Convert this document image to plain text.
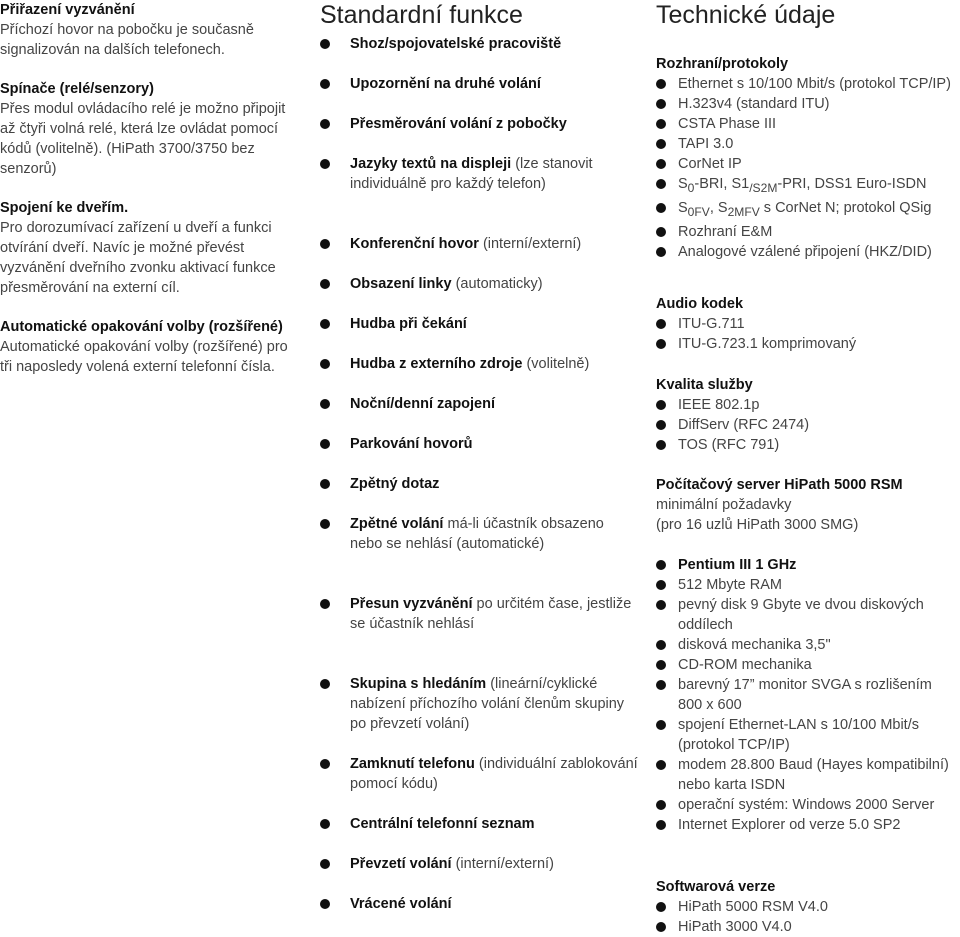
Přiřazení vyzvánění
Příchozí hovor na pobočku je současně signalizován na dalších telefonech.
Spínače (relé/senzory)
Přes modul ovládacího relé je možno připojit až čtyři volná relé, která lze ovládat pomocí kódů (volitelně). (HiPath 3700/3750 bez senzorů)
Spojení ke dveřím.
Pro dorozumívací zařízení u dveří a funkci otvírání dveří. Navíc je možné převést vyzvánění dveřního zvonku aktivací funkce přesměrování na externí cíl.
Automatické opakování volby (rozšířené)
Automatické opakování volby (rozšířené) pro tři naposledy volená externí telefonní čísla.
Standardní funkce
Shoz/spojovatelské pracoviště
Upozornění na druhé volání
Přesměrování volání z pobočky
Jazyky textů na displeji (lze stanovit individuálně pro každý telefon)
Konferenční hovor (interní/externí)
Obsazení linky (automaticky)
Hudba při čekání
Hudba z externího zdroje (volitelně)
Noční/denní zapojení
Parkování hovorů
Zpětný dotaz
Zpětné volání má-li účastník obsazeno nebo se nehlásí (automatické)
Přesun vyzvánění po určitém čase, jestliže se účastník nehlásí
Skupina s hledáním (lineární/cyklické nabízení příchozího volání členům skupiny po převzetí volání)
Zamknutí telefonu (individuální zablokování pomocí kódu)
Centrální telefonní seznam
Převzetí volání (interní/externí)
Vrácené volání
Technické údaje
Rozhraní/protokoly
Ethernet s 10/100 Mbit/s (protokol TCP/IP)
H.323v4 (standard ITU)
CSTA Phase III
TAPI 3.0
CorNet IP
$S_0$-BRI, $S1_{/S2M}$-PRI, DSS1 Euro-ISDN
$S_{0FV}$, $S_{2MFV}$ s CorNet N; protokol QSig
Rozhraní E&M
Analogové vzálené připojení (HKZ/DID)
Audio kodek
ITU-G.711
ITU-G.723.1 komprimovaný
Kvalita služby
IEEE 802.1p
DiffServ (RFC 2474)
TOS (RFC 791)
Počítačový server HiPath 5000 RSM
minimální požadavky
(pro 16 uzlů HiPath 3000 SMG)
Pentium III 1 GHz
512 Mbyte RAM
pevný disk 9 Gbyte ve dvou diskových oddílech
disková mechanika 3,5"
CD-ROM mechanika
barevný 17” monitor SVGA s rozlišením 800 x 600
spojení Ethernet-LAN s 10/100 Mbit/s (protokol TCP/IP)
modem 28.800 Baud (Hayes kompatibilní) nebo karta ISDN
operační systém: Windows 2000 Server
Internet Explorer od verze 5.0 SP2
Softwarová verze
HiPath 5000 RSM V4.0
HiPath 3000 V4.0
